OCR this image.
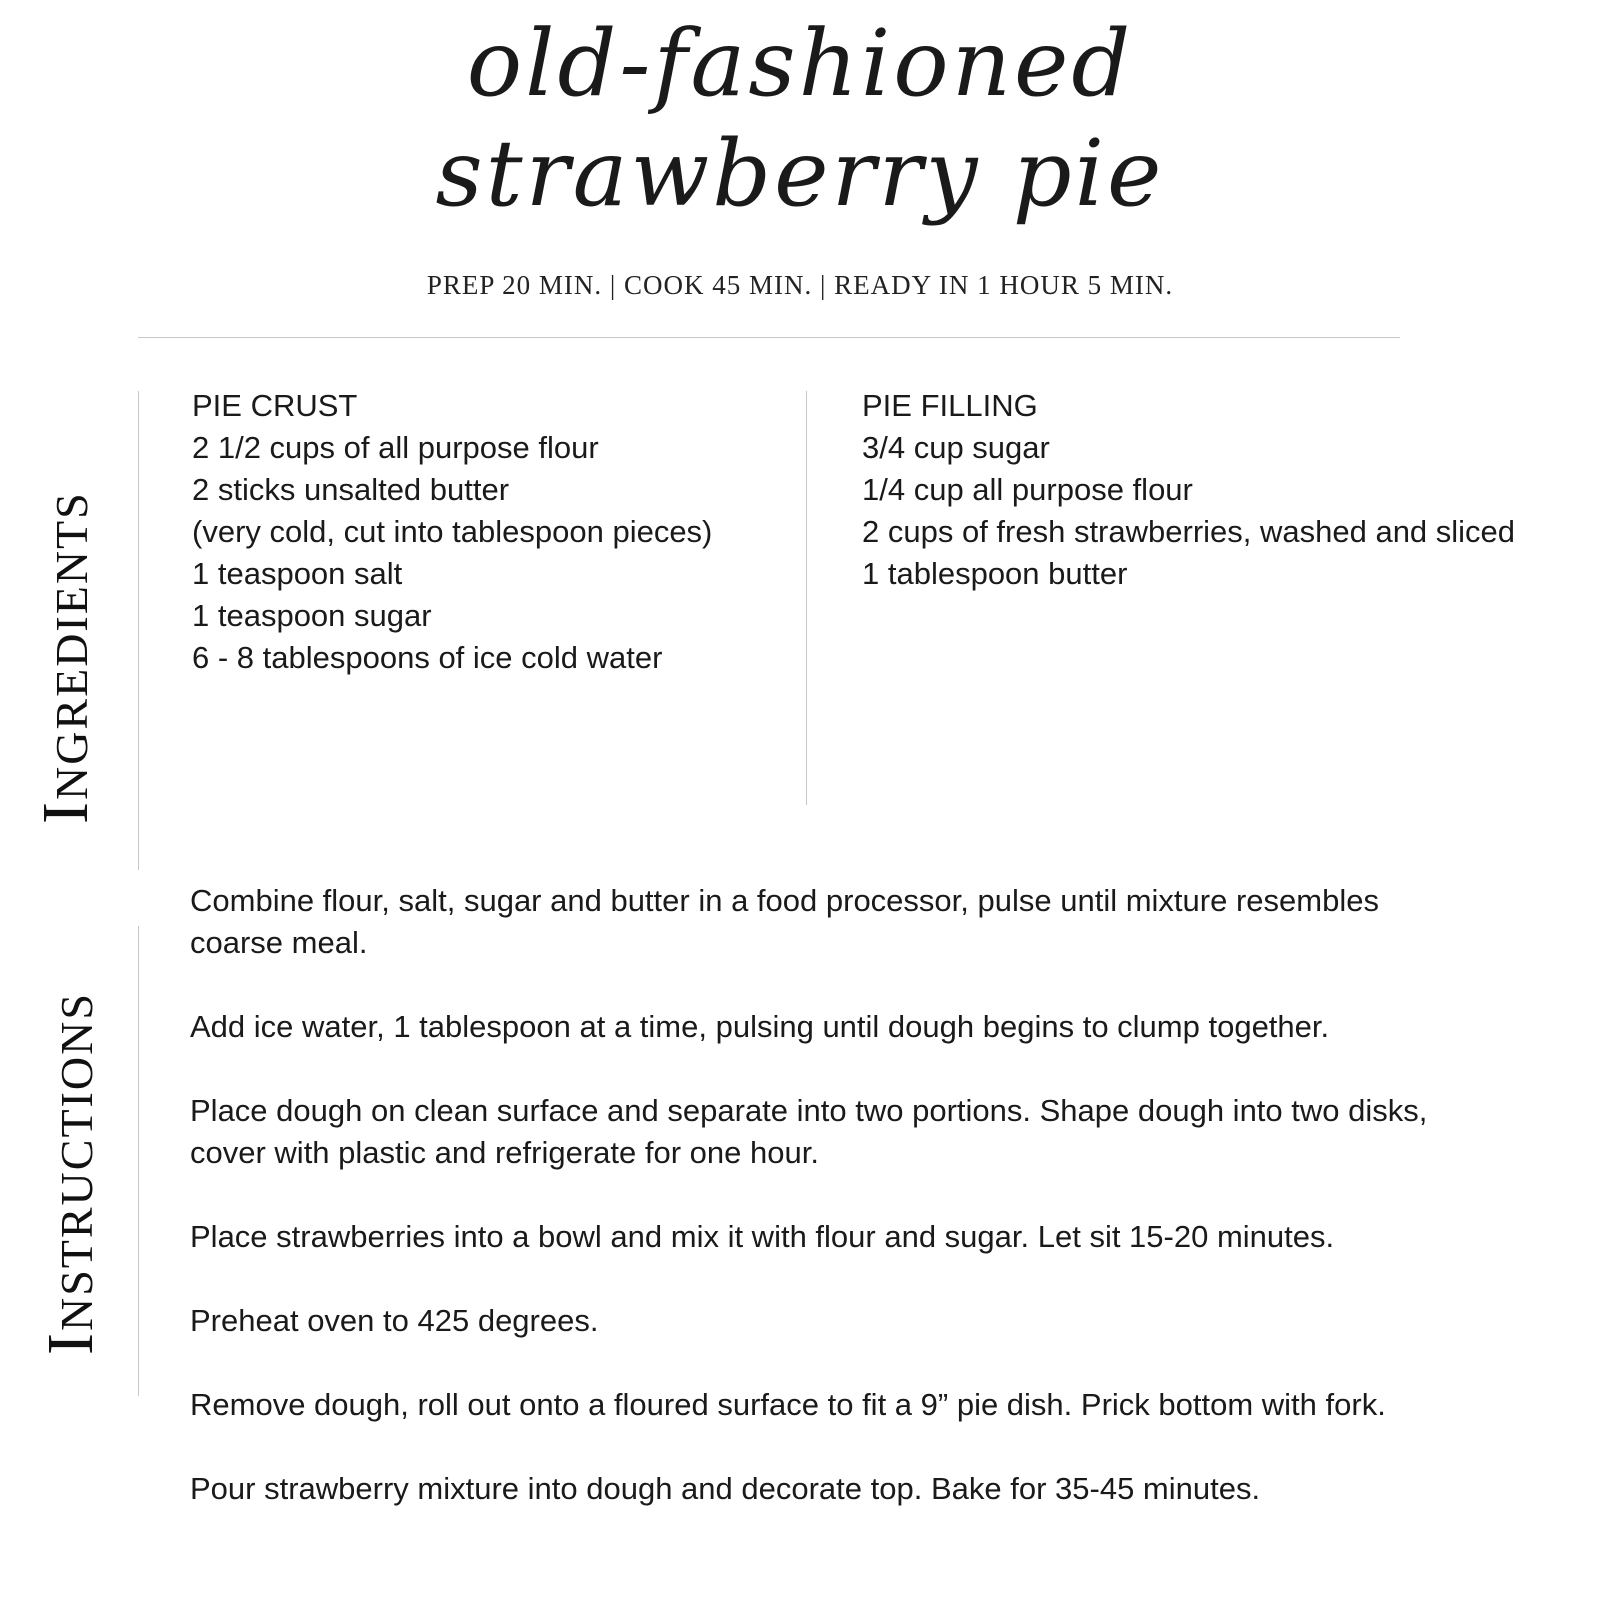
old-fashioned
strawberry pie
PREP 20 MIN. | COOK 45 MIN. | READY IN 1 HOUR 5 MIN.
Ingredients
PIE CRUST
2 1/2 cups of all purpose flour
2 sticks unsalted butter
(very cold, cut into tablespoon pieces)
1 teaspoon salt
1 teaspoon sugar
6 - 8 tablespoons of ice cold water
PIE FILLING
3/4 cup sugar
1/4 cup all purpose flour
2 cups of fresh strawberries, washed and sliced
1 tablespoon butter
Instructions
Combine flour, salt, sugar and butter in a food processor, pulse until mixture resembles coarse meal.
Add ice water, 1 tablespoon at a time, pulsing until dough begins to clump together.
Place dough on clean surface and separate into two portions. Shape dough into two disks, cover with plastic and refrigerate for one hour.
Place strawberries into a bowl and mix it with flour and sugar. Let sit 15-20 minutes.
Preheat oven to 425 degrees.
Remove dough, roll out onto a floured surface to fit a 9” pie dish. Prick bottom with fork.
Pour strawberry mixture into dough and decorate top. Bake for 35-45 minutes.
